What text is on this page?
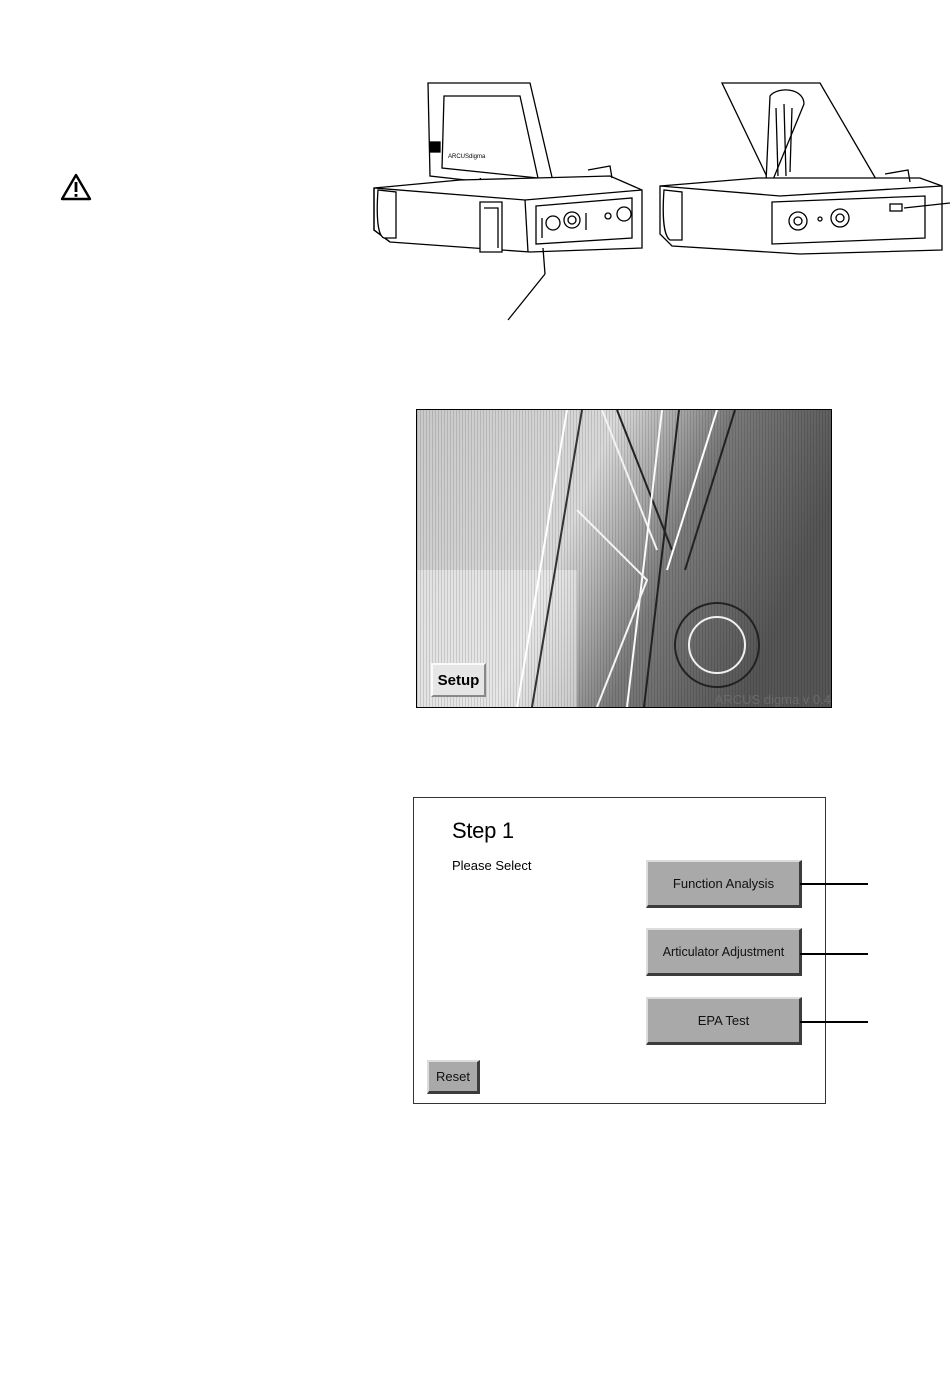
ARCUSdigma
Setup
ARCUS digma v 0.4
Step 1
Please Select
Function Analysis
Articulator Adjustment
EPA Test
Reset
